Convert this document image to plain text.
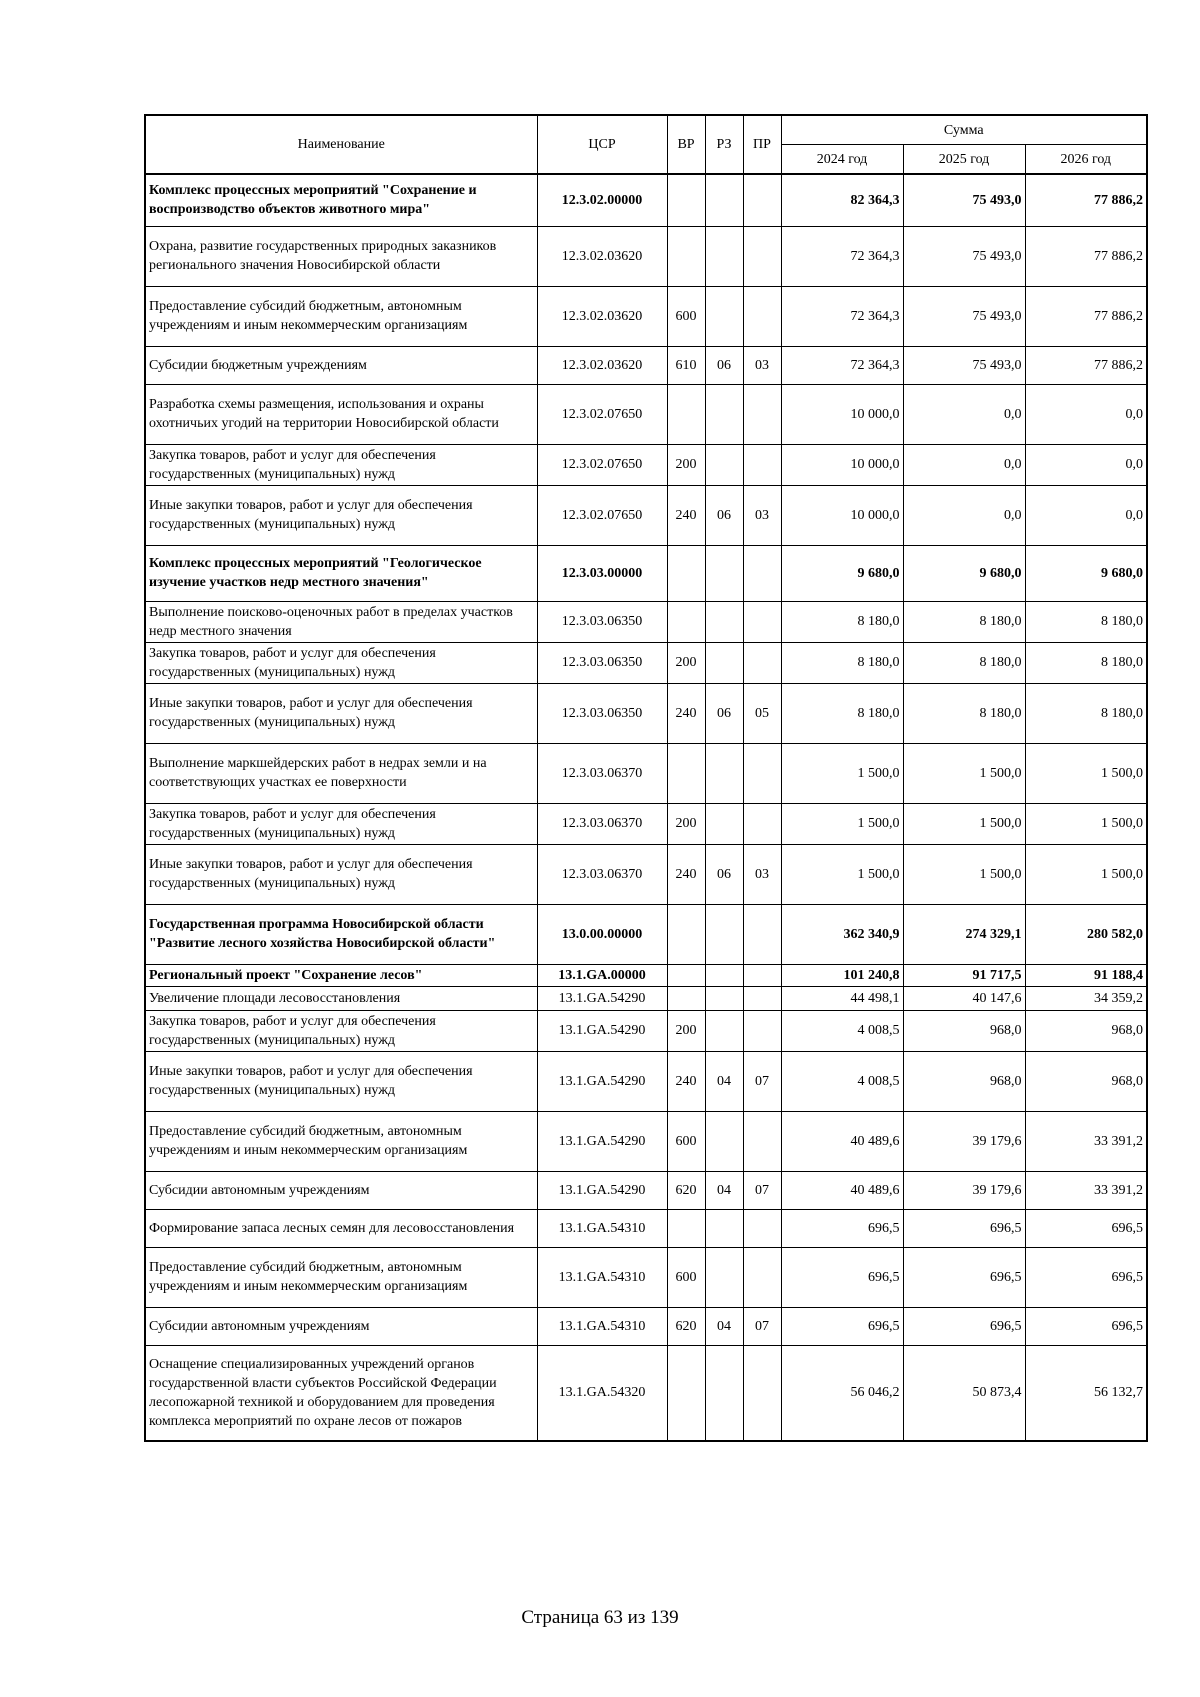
Наименование	ЦСР	ВР	РЗ	ПР	Сумма		
					2024 год	2025 год	2026 год
Комплекс процессных мероприятий "Сохранение и воспроизводство объектов животного мира"	12.3.02.00000				82 364,3	75 493,0	77 886,2
Охрана, развитие государственных природных заказников регионального значения Новосибирской области	12.3.02.03620				72 364,3	75 493,0	77 886,2
Предоставление субсидий бюджетным, автономным учреждениям и иным некоммерческим организациям	12.3.02.03620	600			72 364,3	75 493,0	77 886,2
Субсидии бюджетным учреждениям	12.3.02.03620	610	06	03	72 364,3	75 493,0	77 886,2
Разработка схемы размещения, использования и охраны охотничьих угодий на территории Новосибирской области	12.3.02.07650				10 000,0	0,0	0,0
Закупка товаров, работ и услуг для обеспечения государственных (муниципальных) нужд	12.3.02.07650	200			10 000,0	0,0	0,0
Иные закупки товаров, работ и услуг для обеспечения государственных (муниципальных) нужд	12.3.02.07650	240	06	03	10 000,0	0,0	0,0
Комплекс процессных мероприятий "Геологическое изучение участков недр местного значения"	12.3.03.00000				9 680,0	9 680,0	9 680,0
Выполнение поисково-оценочных работ в пределах участков недр местного значения	12.3.03.06350				8 180,0	8 180,0	8 180,0
Закупка товаров, работ и услуг для обеспечения государственных (муниципальных) нужд	12.3.03.06350	200			8 180,0	8 180,0	8 180,0
Иные закупки товаров, работ и услуг для обеспечения государственных (муниципальных) нужд	12.3.03.06350	240	06	05	8 180,0	8 180,0	8 180,0
Выполнение маркшейдерских работ в недрах земли и на соответствующих участках ее поверхности	12.3.03.06370				1 500,0	1 500,0	1 500,0
Закупка товаров, работ и услуг для обеспечения государственных (муниципальных) нужд	12.3.03.06370	200			1 500,0	1 500,0	1 500,0
Иные закупки товаров, работ и услуг для обеспечения государственных (муниципальных) нужд	12.3.03.06370	240	06	03	1 500,0	1 500,0	1 500,0
Государственная программа Новосибирской области "Развитие лесного хозяйства Новосибирской области"	13.0.00.00000				362 340,9	274 329,1	280 582,0
Региональный проект "Сохранение лесов"	13.1.GA.00000				101 240,8	91 717,5	91 188,4
Увеличение площади лесовосстановления	13.1.GA.54290				44 498,1	40 147,6	34 359,2
Закупка товаров, работ и услуг для обеспечения государственных (муниципальных) нужд	13.1.GA.54290	200			4 008,5	968,0	968,0
Иные закупки товаров, работ и услуг для обеспечения государственных (муниципальных) нужд	13.1.GA.54290	240	04	07	4 008,5	968,0	968,0
Предоставление субсидий бюджетным, автономным учреждениям и иным некоммерческим организациям	13.1.GA.54290	600			40 489,6	39 179,6	33 391,2
Субсидии автономным учреждениям	13.1.GA.54290	620	04	07	40 489,6	39 179,6	33 391,2
Формирование запаса лесных семян для лесовосстановления	13.1.GA.54310				696,5	696,5	696,5
Предоставление субсидий бюджетным, автономным учреждениям и иным некоммерческим организациям	13.1.GA.54310	600			696,5	696,5	696,5
Субсидии автономным учреждениям	13.1.GA.54310	620	04	07	696,5	696,5	696,5
Оснащение специализированных учреждений органов государственной власти субъектов Российской Федерации лесопожарной техникой и оборудованием для проведения комплекса мероприятий по охране лесов от пожаров	13.1.GA.54320				56 046,2	50 873,4	56 132,7
Страница 63 из 139
